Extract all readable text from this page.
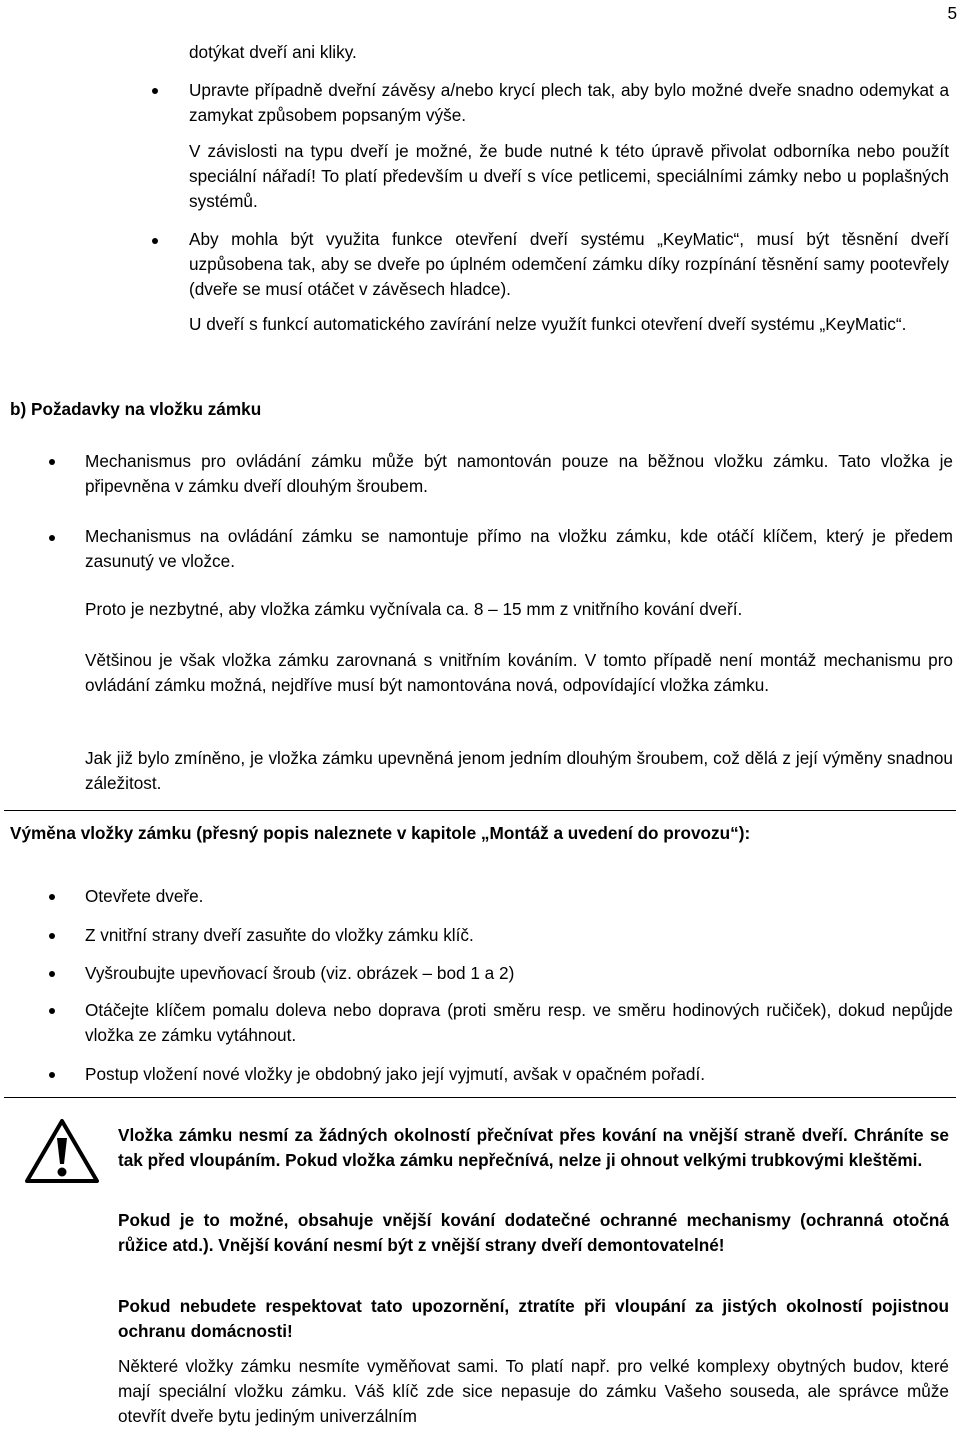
5
dotýkat dveří ani kliky.
Upravte případně dveřní závěsy a/nebo krycí plech tak, aby bylo možné dveře snadno odemykat a zamykat způsobem popsaným výše.
V závislosti na typu dveří je možné, že bude nutné k této úpravě přivolat odborníka nebo použít speciální nářadí! To platí především u dveří s více petlicemi, speciálními zámky nebo u poplašných systémů.
Aby mohla být využita funkce otevření dveří systému „KeyMatic“, musí být těsnění dveří uzpůsobena tak, aby se dveře po úplném odemčení zámku díky rozpínání těsnění samy pootevřely (dveře se musí otáčet v závěsech hladce).
U dveří s funkcí automatického zavírání nelze využít funkci otevření dveří systému „KeyMatic“.
b) Požadavky na vložku zámku
Mechanismus pro ovládání zámku může být namontován pouze na běžnou vložku zámku. Tato vložka je připevněna v zámku dveří dlouhým šroubem.
Mechanismus na ovládání zámku se namontuje přímo na vložku zámku, kde otáčí klíčem, který je předem zasunutý ve vložce.
Proto je nezbytné, aby vložka zámku vyčnívala ca. 8 – 15 mm z vnitřního kování dveří.
Většinou je však vložka zámku zarovnaná s vnitřním kováním. V tomto případě není montáž mechanismu pro ovládání zámku možná, nejdříve musí být namontována nová, odpovídající vložka zámku.
Jak již bylo zmíněno, je vložka zámku upevněná jenom jedním dlouhým šroubem, což dělá z její výměny snadnou záležitost.
Výměna vložky zámku (přesný popis naleznete v kapitole „Montáž a uvedení do provozu“):
Otevřete dveře.
Z vnitřní strany dveří zasuňte do vložky zámku klíč.
Vyšroubujte upevňovací šroub (viz. obrázek – bod 1 a 2)
Otáčejte klíčem pomalu doleva nebo doprava (proti směru resp. ve směru hodinových ručiček), dokud nepůjde vložka ze zámku vytáhnout.
Postup vložení nové vložky je obdobný jako její vyjmutí, avšak v opačném pořadí.
Vložka zámku nesmí za žádných okolností přečnívat přes kování na vnější straně dveří. Chráníte se tak před vloupáním. Pokud vložka zámku nepřečnívá, nelze ji ohnout velkými trubkovými kleštěmi.
Pokud je to možné, obsahuje vnější kování dodatečné ochranné mechanismy (ochranná otočná růžice atd.). Vnější kování nesmí být z vnější strany dveří demontovatelné!
Pokud nebudete respektovat tato upozornění, ztratíte při vloupání za jistých okolností pojistnou ochranu domácnosti!
Některé vložky zámku nesmíte vyměňovat sami. To platí např. pro velké komplexy obytných budov, které mají speciální vložku zámku. Váš klíč zde sice nepasuje do zámku Vašeho souseda, ale správce může otevřít dveře bytu jediným univerzálním
